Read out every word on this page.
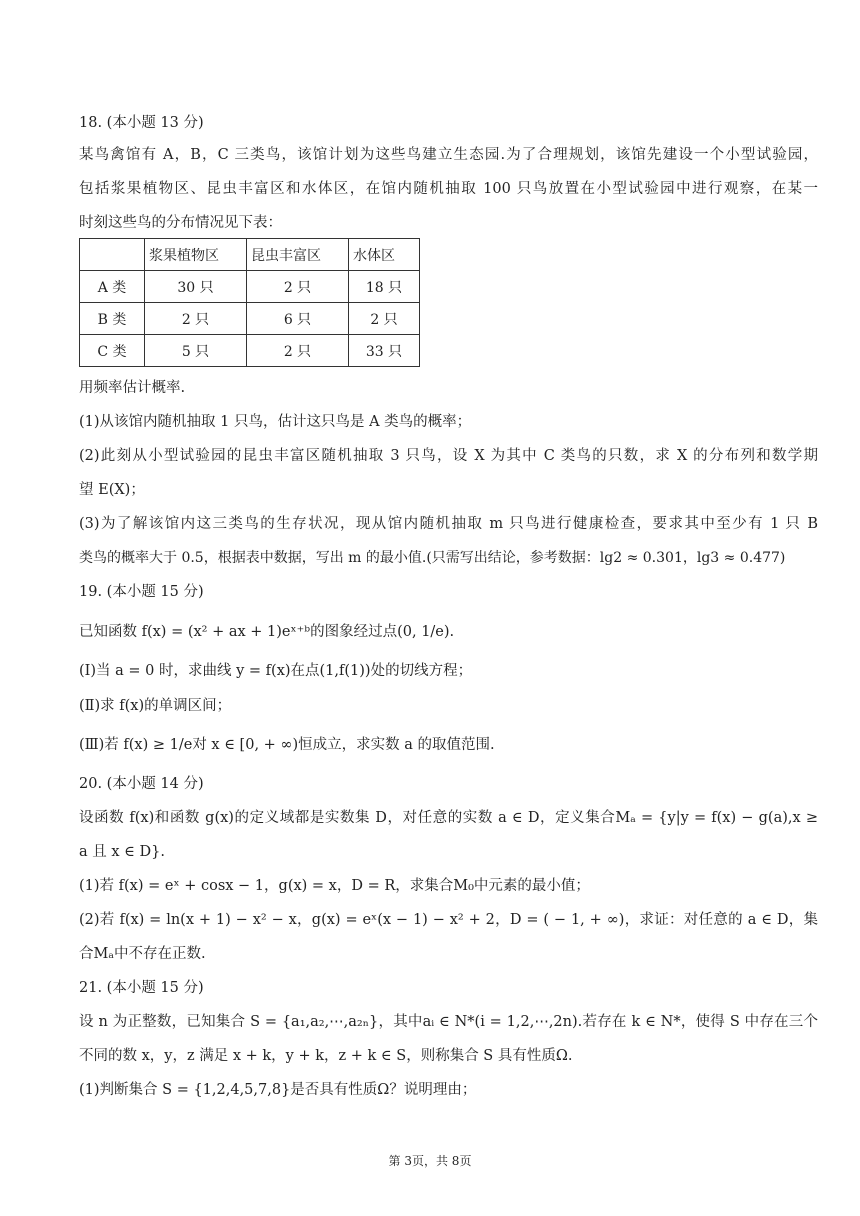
18. (本小题 13 分)
某鸟禽馆有 A，B，C 三类鸟，该馆计划为这些鸟建立生态园.为了合理规划，该馆先建设一个小型试验园，
包括浆果植物区、昆虫丰富区和水体区，在馆内随机抽取 100 只鸟放置在小型试验园中进行观察，在某一
时刻这些鸟的分布情况见下表：
	浆果植物区	昆虫丰富区	水体区
A 类	30 只	2 只	18 只
B 类	2 只	6 只	2 只
C 类	5 只	2 只	33 只
用频率估计概率.
(1)从该馆内随机抽取 1 只鸟，估计这只鸟是 A 类鸟的概率；
(2)此刻从小型试验园的昆虫丰富区随机抽取 3 只鸟，设 X 为其中 C 类鸟的只数，求 X 的分布列和数学期
望 E(X)；
(3)为了解该馆内这三类鸟的生存状况，现从馆内随机抽取 m 只鸟进行健康检查，要求其中至少有 1 只 B
类鸟的概率大于 0.5，根据表中数据，写出 m 的最小值.(只需写出结论，参考数据：lg2 ≈ 0.301，lg3 ≈ 0.477)
19. (本小题 15 分)
已知函数 f(x) = (x² + ax + 1)eˣ⁺ᵇ的图象经过点(0, 1/e).
(Ⅰ)当 a = 0 时，求曲线 y = f(x)在点(1,f(1))处的切线方程；
(Ⅱ)求 f(x)的单调区间；
(Ⅲ)若 f(x) ≥ 1/e对 x ∈ [0, + ∞)恒成立，求实数 a 的取值范围.
20. (本小题 14 分)
设函数 f(x)和函数 g(x)的定义域都是实数集 D，对任意的实数 a ∈ D，定义集合Mₐ = {y|y = f(x) − g(a),x ≥
a 且 x ∈ D}.
(1)若 f(x) = eˣ + cosx − 1，g(x) = x，D = R，求集合M₀中元素的最小值；
(2)若 f(x) = ln(x + 1) − x² − x，g(x) = eˣ(x − 1) − x² + 2，D = ( − 1, + ∞)，求证：对任意的 a ∈ D，集
合Mₐ中不存在正数.
21. (本小题 15 分)
设 n 为正整数，已知集合 S = {a₁,a₂,⋯,a₂ₙ}，其中aᵢ ∈ N*(i = 1,2,⋯,2n).若存在 k ∈ N*，使得 S 中存在三个
不同的数 x，y，z 满足 x + k，y + k，z + k ∈ S，则称集合 S 具有性质Ω.
(1)判断集合 S = {1,2,4,5,7,8}是否具有性质Ω？说明理由；
第 3页，共 8页
